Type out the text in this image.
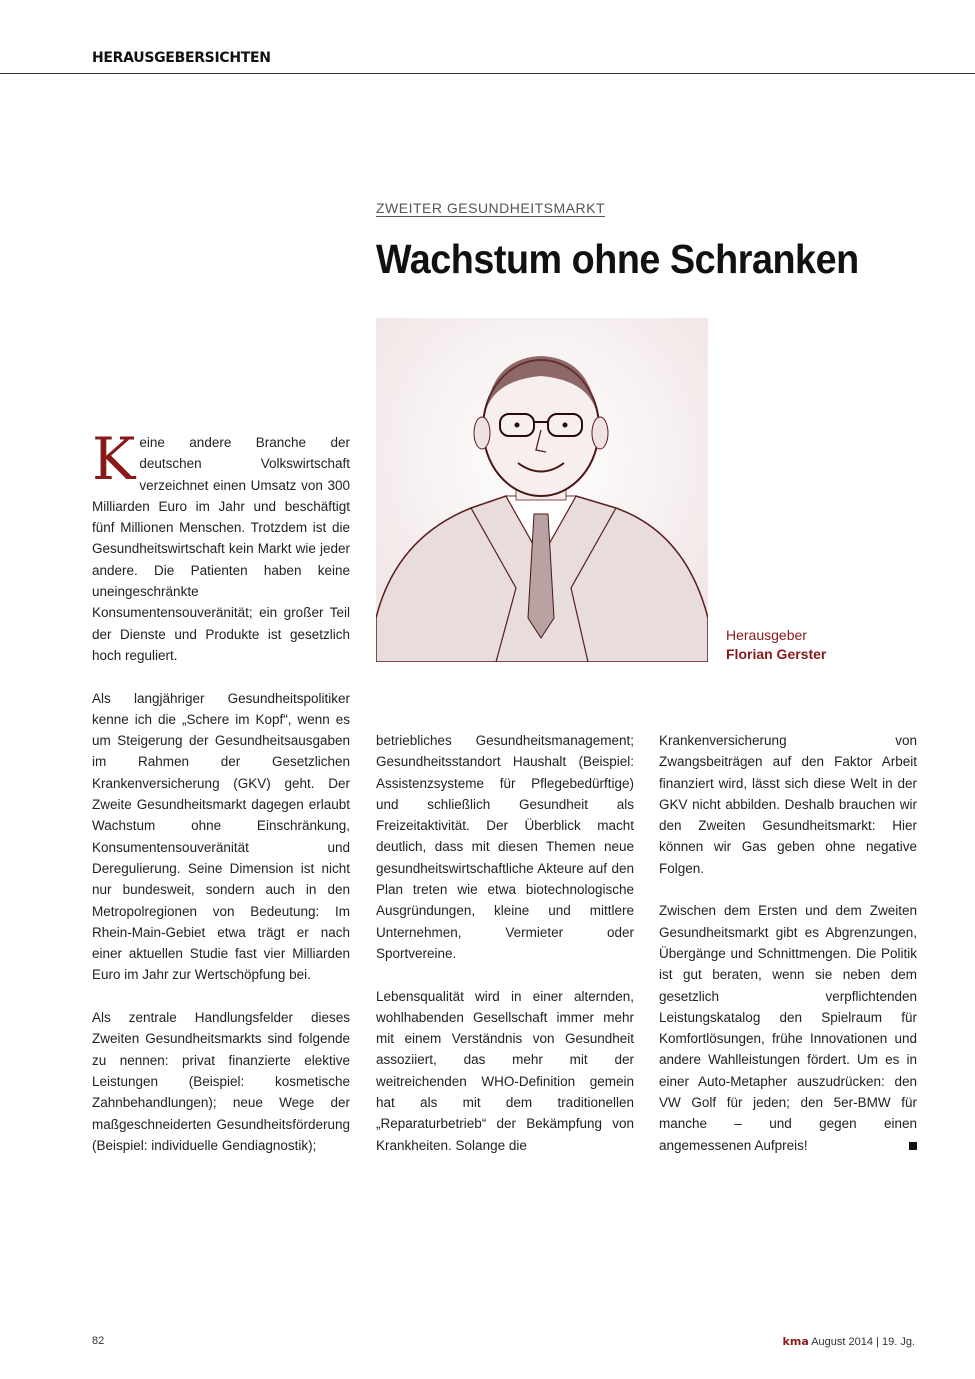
HERAUSGEBERSICHTEN
ZWEITER GESUNDHEITSMARKT
Wachstum ohne Schranken
Herausgeber
Florian Gerster

Keine andere Branche der deutschen Volkswirtschaft verzeichnet einen Umsatz von 300 Milliarden Euro im Jahr und beschäftigt fünf Millionen Menschen. Trotzdem ist die Gesundheitswirtschaft kein Markt wie jeder andere. Die Patienten haben keine uneingeschränkte Konsumentensouveränität; ein großer Teil der Dienste und Produkte ist gesetzlich hoch reguliert.

Als langjähriger Gesundheitspolitiker kenne ich die „Schere im Kopf“, wenn es um Steigerung der Gesundheitsausgaben im Rahmen der Gesetzlichen Krankenversicherung (GKV) geht. Der Zweite Gesundheitsmarkt dagegen erlaubt Wachstum ohne Einschränkung, Konsumentensouveränität und Deregulierung. Seine Dimension ist nicht nur bundesweit, sondern auch in den Metropolregionen von Bedeutung: Im Rhein-Main-Gebiet etwa trägt er nach einer aktuellen Studie fast vier Milliarden Euro im Jahr zur Wertschöpfung bei.

Als zentrale Handlungsfelder dieses Zweiten Gesundheitsmarkts sind folgende zu nennen: privat finanzierte elektive Leistungen (Beispiel: kosmetische Zahnbehandlungen); neue Wege der maßgeschneiderten Gesundheitsförderung (Beispiel: individuelle Gendiagnostik);

betriebliches Gesundheitsmanagement; Gesundheitsstandort Haushalt (Beispiel: Assistenzsysteme für Pflegebedürftige) und schließlich Gesundheit als Freizeitaktivität. Der Überblick macht deutlich, dass mit diesen Themen neue gesundheitswirtschaftliche Akteure auf den Plan treten wie etwa biotechnologische Ausgründungen, kleine und mittlere Unternehmen, Vermieter oder Sportvereine.

Lebensqualität wird in einer alternden, wohlhabenden Gesellschaft immer mehr mit einem Verständnis von Gesundheit assoziiert, das mehr mit der weitreichenden WHO-Definition gemein hat als mit dem traditionellen „Reparaturbetrieb“ der Bekämpfung von Krankheiten. Solange die

Krankenversicherung von Zwangsbeiträgen auf den Faktor Arbeit finanziert wird, lässt sich diese Welt in der GKV nicht abbilden. Deshalb brauchen wir den Zweiten Gesundheitsmarkt: Hier können wir Gas geben ohne negative Folgen.

Zwischen dem Ersten und dem Zweiten Gesundheitsmarkt gibt es Abgrenzungen, Übergänge und Schnittmengen. Die Politik ist gut beraten, wenn sie neben dem gesetzlich verpflichtenden Leistungskatalog den Spielraum für Komfortlösungen, frühe Innovationen und andere Wahlleistungen fördert. Um es in einer Auto-Metapher auszudrücken: den VW Golf für jeden; den 5er-BMW für manche – und gegen einen angemessenen Aufpreis!

82	kma August 2014 | 19. Jg.
